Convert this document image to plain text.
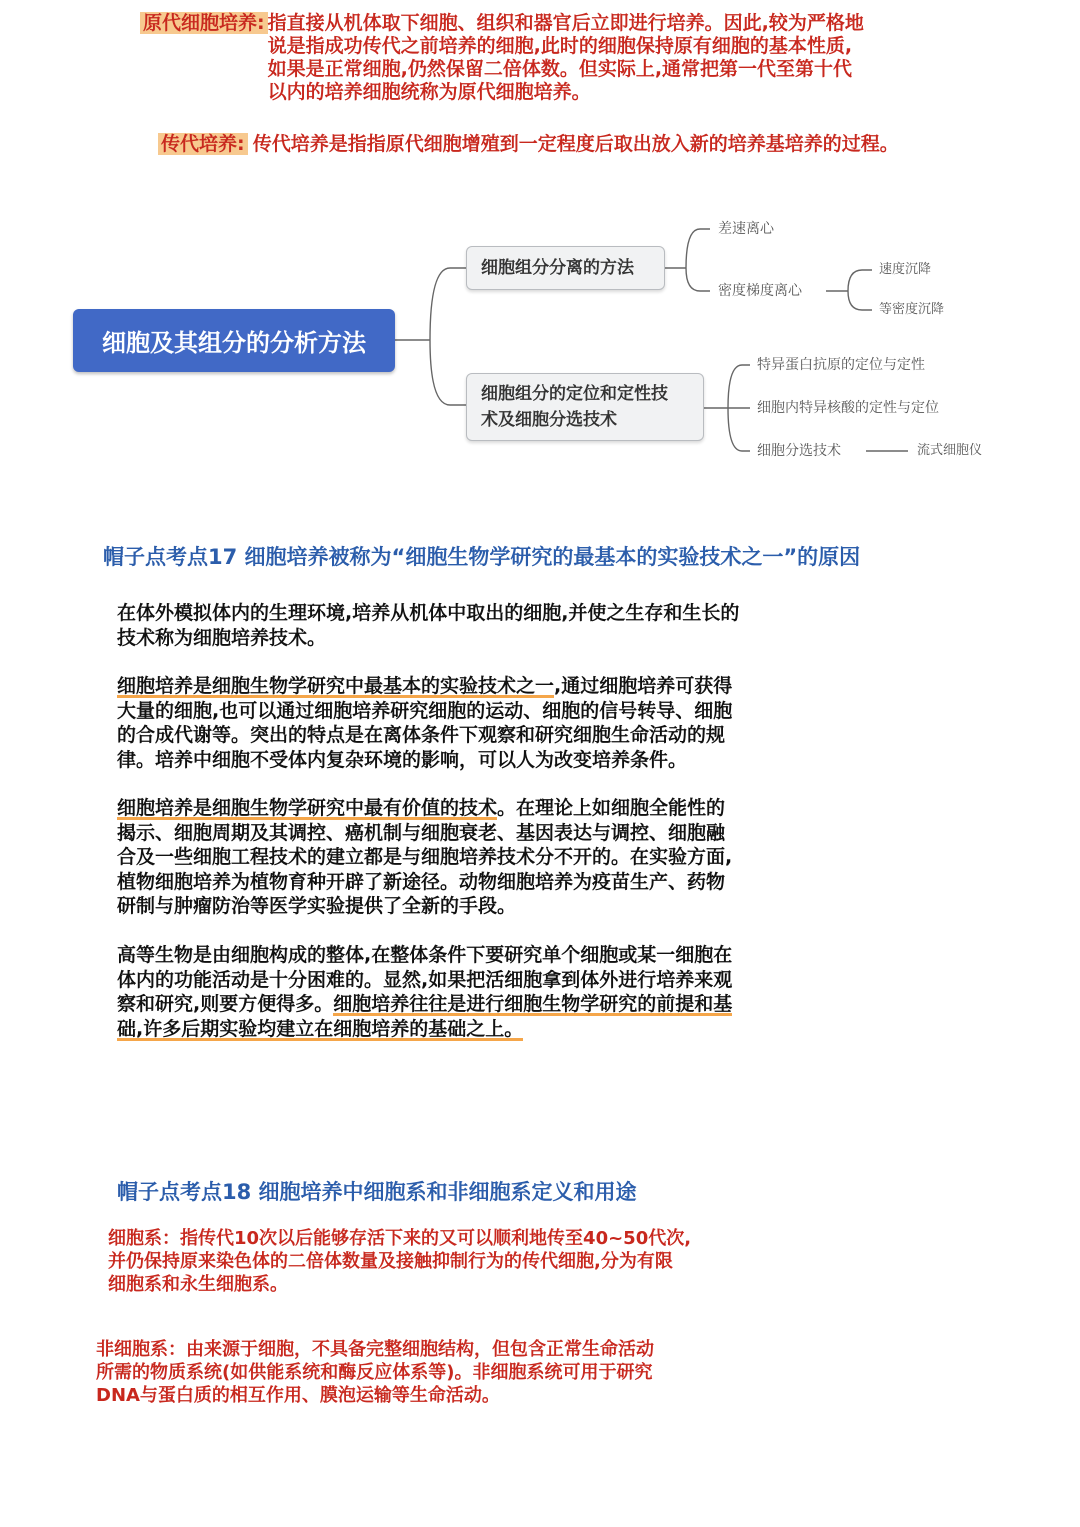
原代细胞培养: 指直接从机体取下细胞、组织和器官后立即进行培养。因此,较为严格地
说是指成功传代之前培养的细胞,此时的细胞保持原有细胞的基本性质,
如果是正常细胞,仍然保留二倍体数。但实际上,通常把第一代至第十代
以内的培养细胞统称为原代细胞培养。
传代培养: 传代培养是指指原代细胞增殖到一定程度后取出放入新的培养基培养的过程。
细胞及其组分的分析方法
细胞组分分离的方法
细胞组分的定位和定性技
术及细胞分选技术
差速离心
密度梯度离心
速度沉降
等密度沉降
特异蛋白抗原的定位与定性
细胞内特异核酸的定性与定位
细胞分选技术	流式细胞仪
帽子点考点17 细胞培养被称为“细胞生物学研究的最基本的实验技术之一”的原因
在体外模拟体内的生理环境,培养从机体中取出的细胞,并使之生存和生长的
技术称为细胞培养技术。
细胞培养是细胞生物学研究中最基本的实验技术之一,通过细胞培养可获得
大量的细胞,也可以通过细胞培养研究细胞的运动、细胞的信号转导、细胞
的合成代谢等。突出的特点是在离体条件下观察和研究细胞生命活动的规
律。培养中细胞不受体内复杂环境的影响，可以人为改变培养条件。
细胞培养是细胞生物学研究中最有价值的技术。在理论上如细胞全能性的
揭示、细胞周期及其调控、癌机制与细胞衰老、基因表达与调控、细胞融
合及一些细胞工程技术的建立都是与细胞培养技术分不开的。在实验方面,
植物细胞培养为植物育种开辟了新途径。动物细胞培养为疫苗生产、药物
研制与肿瘤防治等医学实验提供了全新的手段。
高等生物是由细胞构成的整体,在整体条件下要研究单个细胞或某一细胞在
体内的功能活动是十分困难的。显然,如果把活细胞拿到体外进行培养来观
察和研究,则要方便得多。细胞培养往往是进行细胞生物学研究的前提和基
础,许多后期实验均建立在细胞培养的基础之上。
帽子点考点18 细胞培养中细胞系和非细胞系定义和用途
细胞系：指传代10次以后能够存活下来的又可以顺利地传至40~50代次,
并仍保持原来染色体的二倍体数量及接触抑制行为的传代细胞,分为有限
细胞系和永生细胞系。
非细胞系：由来源于细胞，不具备完整细胞结构，但包含正常生命活动
所需的物质系统(如供能系统和酶反应体系等)。非细胞系统可用于研究
DNA与蛋白质的相互作用、膜泡运输等生命活动。
